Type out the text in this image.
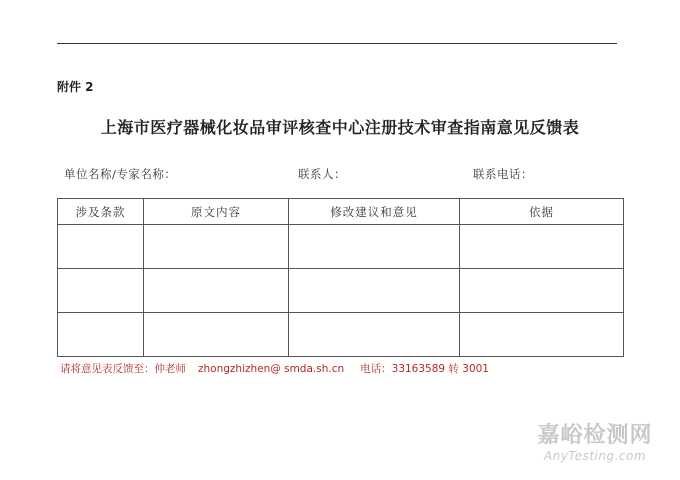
附件 2
上海市医疗器械化妆品审评核查中心注册技术审查指南意见反馈表
单位名称/专家名称：	联系人：	联系电话：
涉及条款	原文内容	修改建议和意见	依据

请将意见表反馈至：仲老师 zhongzhizhen@ smda.sh.cn 电话：33163589 转 3001
嘉峪检测网
AnyTesting.com
